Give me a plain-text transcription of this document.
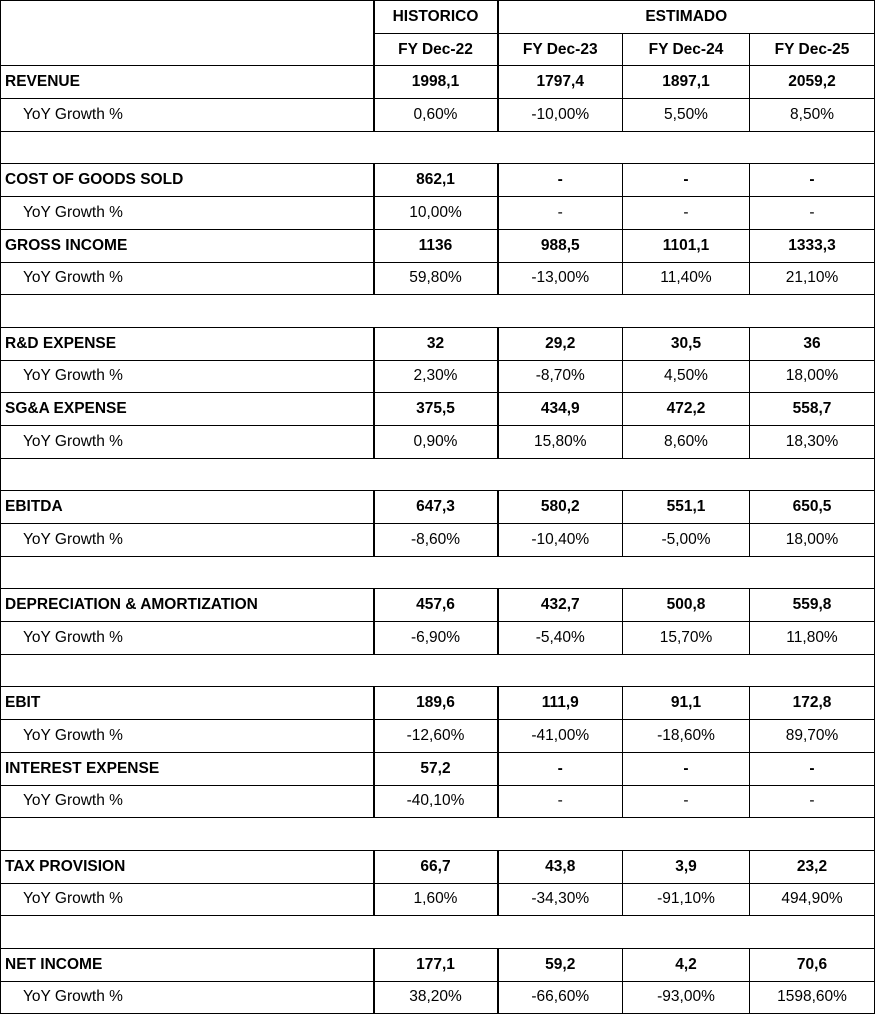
	HISTORICO	ESTIMADO		
	FY Dec-22	FY Dec-23	FY Dec-24	FY Dec-25
REVENUE	1998,1	1797,4	1897,1	2059,2
YoY Growth %	0,60%	-10,00%	5,50%	8,50%

COST OF GOODS SOLD	862,1	-	-	-
YoY Growth %	10,00%	-	-	-
GROSS INCOME	1136	988,5	1101,1	1333,3
YoY Growth %	59,80%	-13,00%	11,40%	21,10%

R&D EXPENSE	32	29,2	30,5	36
YoY Growth %	2,30%	-8,70%	4,50%	18,00%
SG&A EXPENSE	375,5	434,9	472,2	558,7
YoY Growth %	0,90%	15,80%	8,60%	18,30%

EBITDA	647,3	580,2	551,1	650,5
YoY Growth %	-8,60%	-10,40%	-5,00%	18,00%

DEPRECIATION & AMORTIZATION	457,6	432,7	500,8	559,8
YoY Growth %	-6,90%	-5,40%	15,70%	11,80%

EBIT	189,6	111,9	91,1	172,8
YoY Growth %	-12,60%	-41,00%	-18,60%	89,70%
INTEREST EXPENSE	57,2	-	-	-
YoY Growth %	-40,10%	-	-	-

TAX PROVISION	66,7	43,8	3,9	23,2
YoY Growth %	1,60%	-34,30%	-91,10%	494,90%

NET INCOME	177,1	59,2	4,2	70,6
YoY Growth %	38,20%	-66,60%	-93,00%	1598,60%
